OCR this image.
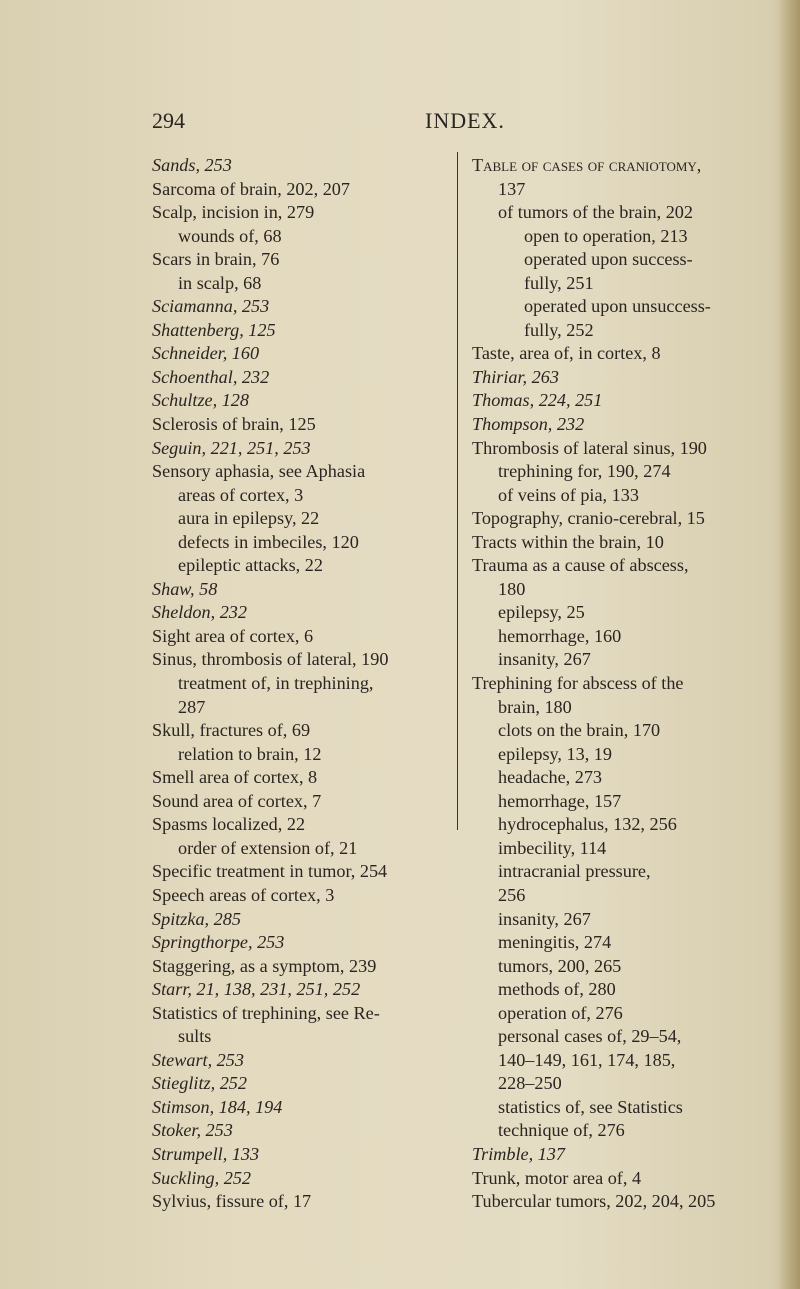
294	INDEX.
Sands, 253
Sarcoma of brain, 202, 207
Scalp, incision in, 279
wounds of, 68
Scars in brain, 76
in scalp, 68
Sciamanna, 253
Shattenberg, 125
Schneider, 160
Schoenthal, 232
Schultze, 128
Sclerosis of brain, 125
Seguin, 221, 251, 253
Sensory aphasia, see Aphasia
areas of cortex, 3
aura in epilepsy, 22
defects in imbeciles, 120
epileptic attacks, 22
Shaw, 58
Sheldon, 232
Sight area of cortex, 6
Sinus, thrombosis of lateral, 190
treatment of, in trephining,
287
Skull, fractures of, 69
relation to brain, 12
Smell area of cortex, 8
Sound area of cortex, 7
Spasms localized, 22
order of extension of, 21
Specific treatment in tumor, 254
Speech areas of cortex, 3
Spitzka, 285
Springthorpe, 253
Staggering, as a symptom, 239
Starr, 21, 138, 231, 251, 252
Statistics of trephining, see Re-
sults
Stewart, 253
Stieglitz, 252
Stimson, 184, 194
Stoker, 253
Strumpell, 133
Suckling, 252
Sylvius, fissure of, 17
Table of cases of craniotomy,
137
of tumors of the brain, 202
open to operation, 213
operated upon success-
fully, 251
operated upon unsuccess-
fully, 252
Taste, area of, in cortex, 8
Thiriar, 263
Thomas, 224, 251
Thompson, 232
Thrombosis of lateral sinus, 190
trephining for, 190, 274
of veins of pia, 133
Topography, cranio-cerebral, 15
Tracts within the brain, 10
Trauma as a cause of abscess,
180
epilepsy, 25
hemorrhage, 160
insanity, 267
Trephining for abscess of the
brain, 180
clots on the brain, 170
epilepsy, 13, 19
headache, 273
hemorrhage, 157
hydrocephalus, 132, 256
imbecility, 114
intracranial pressure,
256
insanity, 267
meningitis, 274
tumors, 200, 265
methods of, 280
operation of, 276
personal cases of, 29–54,
140–149, 161, 174, 185,
228–250
statistics of, see Statistics
technique of, 276
Trimble, 137
Trunk, motor area of, 4
Tubercular tumors, 202, 204, 205
